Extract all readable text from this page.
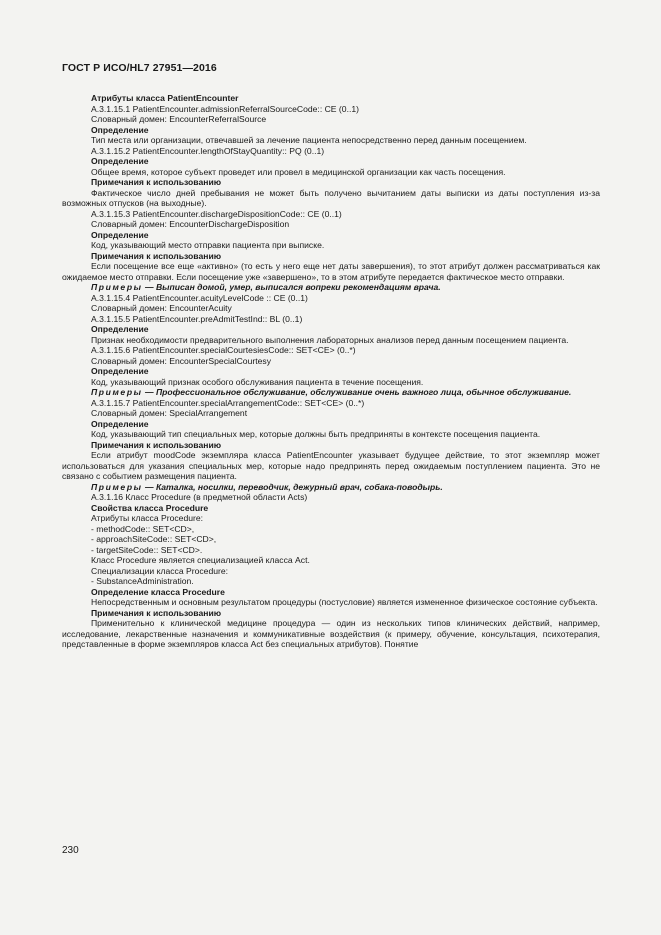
ГОСТ Р ИСО/HL7 27951—2016

Атрибуты класса PatientEncounter

A.3.1.15.1 PatientEncounter.admissionReferralSourceCode:: CE (0..1)

Словарный домен: EncounterReferralSource

Определение

Тип места или организации, отвечавшей за лечение пациента непосредственно перед данным посещением.

A.3.1.15.2 PatientEncounter.lengthOfStayQuantity:: PQ (0..1)

Определение

Общее время, которое субъект проведет или провел в медицинской организации как часть посещения.

Примечания к использованию

Фактическое число дней пребывания не может быть получено вычитанием даты выписки из даты поступления из-за возможных отпусков (на выходные).

A.3.1.15.3 PatientEncounter.dischargeDispositionCode:: CE (0..1)

Словарный домен: EncounterDischargeDisposition

Определение

Код, указывающий место отправки пациента при выписке.

Примечания к использованию

Если посещение все еще «активно» (то есть у него еще нет даты завершения), то этот атрибут должен рассматриваться как ожидаемое место отправки. Если посещение уже «завершено», то в этом атрибуте передается фактическое место отправки.

Примеры — Выписан домой, умер, выписался вопреки рекомендациям врача.

A.3.1.15.4 PatientEncounter.acuityLevelCode :: CE (0..1)

Словарный домен: EncounterAcuity

A.3.1.15.5 PatientEncounter.preAdmitTestInd:: BL (0..1)

Определение

Признак необходимости предварительного выполнения лабораторных анализов перед данным посещением пациента.

A.3.1.15.6 PatientEncounter.specialCourtesiesCode:: SET<CE> (0..*)

Словарный домен: EncounterSpecialCourtesy

Определение

Код, указывающий признак особого обслуживания пациента в течение посещения.

Примеры — Профессиональное обслуживание, обслуживание очень важного лица, обычное обслуживание.

A.3.1.15.7 PatientEncounter.specialArrangementCode:: SET<CE> (0..*)

Словарный домен: SpecialArrangement

Определение

Код, указывающий тип специальных мер, которые должны быть предприняты в контексте посещения пациента.

Примечания к использованию

Если атрибут moodCode экземпляра класса PatientEncounter указывает будущее действие, то этот экземпляр может использоваться для указания специальных мер, которые надо предпринять перед ожидаемым поступлением пациента. Это не связано с событием размещения пациента.

Примеры — Каталка, носилки, переводчик, дежурный врач, собака-поводырь.

A.3.1.16 Класс Procedure (в предметной области Acts)

Свойства класса Procedure

Атрибуты класса Procedure:

- methodCode:: SET<CD>,

- approachSiteCode:: SET<CD>,

- targetSiteCode:: SET<CD>.

Класс Procedure является специализацией класса Act.

Специализации класса Procedure:

- SubstanceAdministration.

Определение класса Procedure

Непосредственным и основным результатом процедуры (постусловие) является измененное физическое состояние субъекта.

Примечания к использованию

Применительно к клинической медицине процедура — один из нескольких типов клинических действий, например, исследование, лекарственные назначения и коммуникативные воздействия (к примеру, обучение, консультация, психотерапия, представленные в форме экземпляров класса Act без специальных атрибутов). Понятие

230
